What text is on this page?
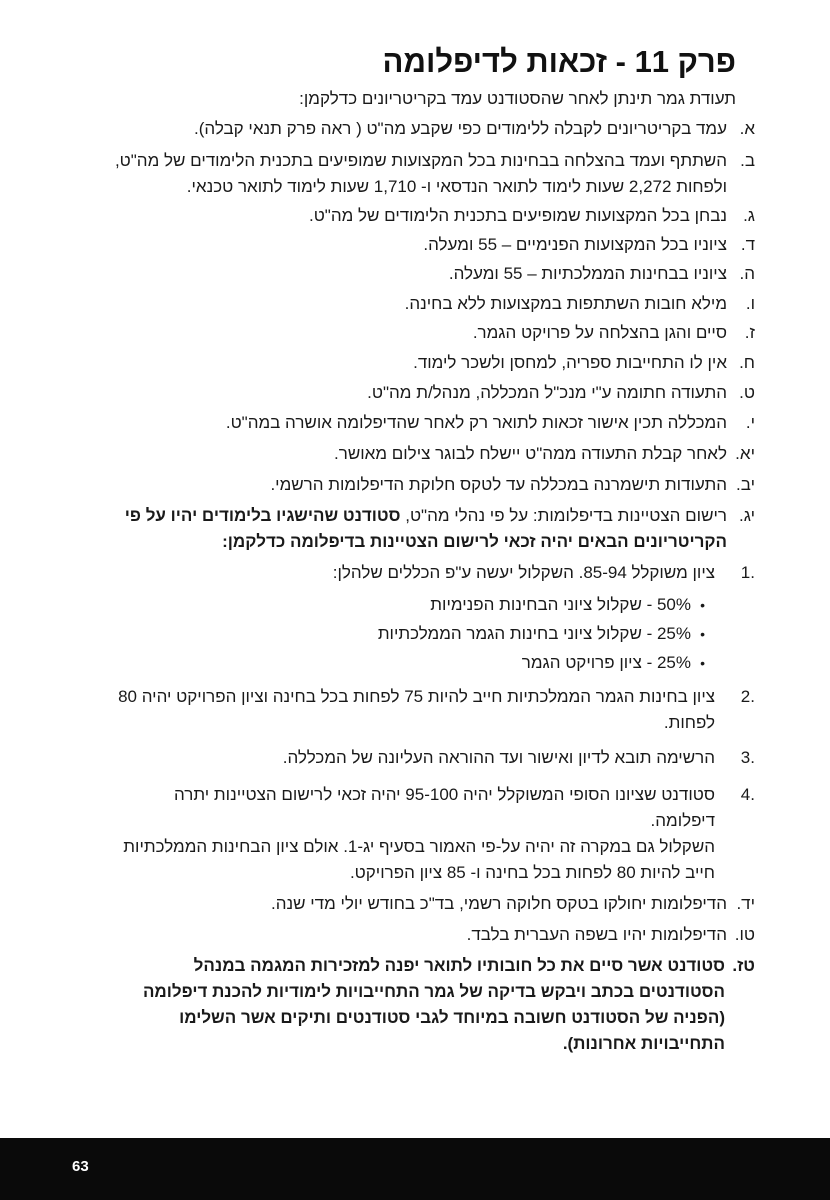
פרק 11 - זכאות לדיפלומה

תעודת גמר תינתן לאחר שהסטודנט עמד בקריטריונים כדלקמן:

א.
עמד בקריטריונים לקבלה ללימודים כפי שקבע מה"ט ( ראה פרק תנאי קבלה).
ב.
השתתף ועמד בהצלחה בבחינות בכל המקצועות שמופיעים בתכנית הלימודים של מה"ט,
ולפחות 2,272 שעות לימוד לתואר הנדסאי ו- 1,710 שעות לימוד לתואר טכנאי.
ג.
נבחן בכל המקצועות שמופיעים בתכנית הלימודים של מה"ט.
ד.
ציוניו בכל המקצועות הפנימיים – 55 ומעלה.
ה.
ציוניו בבחינות הממלכתיות – 55 ומעלה.
ו.
מילא חובות השתתפות במקצועות ללא בחינה.
ז.
סיים והגן בהצלחה על פרויקט הגמר.
ח.
אין לו התחייבות ספריה, למחסן ולשכר לימוד.
ט.
התעודה חתומה ע"י מנכ"ל המכללה, מנהל/ת מה"ט.
י.
המכללה תכין אישור זכאות לתואר רק לאחר שהדיפלומה אושרה במה"ט.
יא.
לאחר קבלת התעודה ממה"ט יישלח לבוגר צילום מאושר.
יב.
התעודות תישמרנה במכללה עד לטקס חלוקת הדיפלומות הרשמי.
יג.
רישום הצטיינות בדיפלומות: על פי נהלי מה"ט, סטודנט שהישגיו בלימודים יהיו על פי
הקריטריונים הבאים יהיה זכאי לרישום הצטיינות בדיפלומה כדלקמן:
.1
ציון משוקלל 85-94. השקלול יעשה ע"פ הכללים שלהלן:
•
50% - שקלול ציוני הבחינות הפנימיות
•
25% - שקלול ציוני בחינות הגמר הממלכתיות
•
25% - ציון פרויקט הגמר
.2
ציון בחינות הגמר הממלכתיות חייב להיות 75 לפחות בכל בחינה וציון הפרויקט יהיה 80
לפחות.
.3
הרשימה תובא לדיון ואישור ועד ההוראה העליונה של המכללה.
.4
סטודנט שציונו הסופי המשוקלל יהיה 95-100 יהיה זכאי לרישום הצטיינות יתרה
דיפלומה.
השקלול גם במקרה זה יהיה על-פי האמור בסעיף יג-1. אולם ציון הבחינות הממלכתיות
חייב להיות 80 לפחות בכל בחינה ו- 85 ציון הפרויקט.
יד.
הדיפלומות יחולקו בטקס חלוקה רשמי, בד"כ בחודש יולי מדי שנה.
טו.
הדיפלומות יהיו בשפה העברית בלבד.
טז.
סטודנט אשר סיים את כל חובותיו לתואר יפנה למזכירות המגמה במנהל
הסטודנטים בכתב ויבקש בדיקה של גמר התחייבויות לימודיות להכנת דיפלומה
(הפניה של הסטודנט חשובה במיוחד לגבי סטודנטים ותיקים אשר השלימו
התחייבויות אחרונות).
63
